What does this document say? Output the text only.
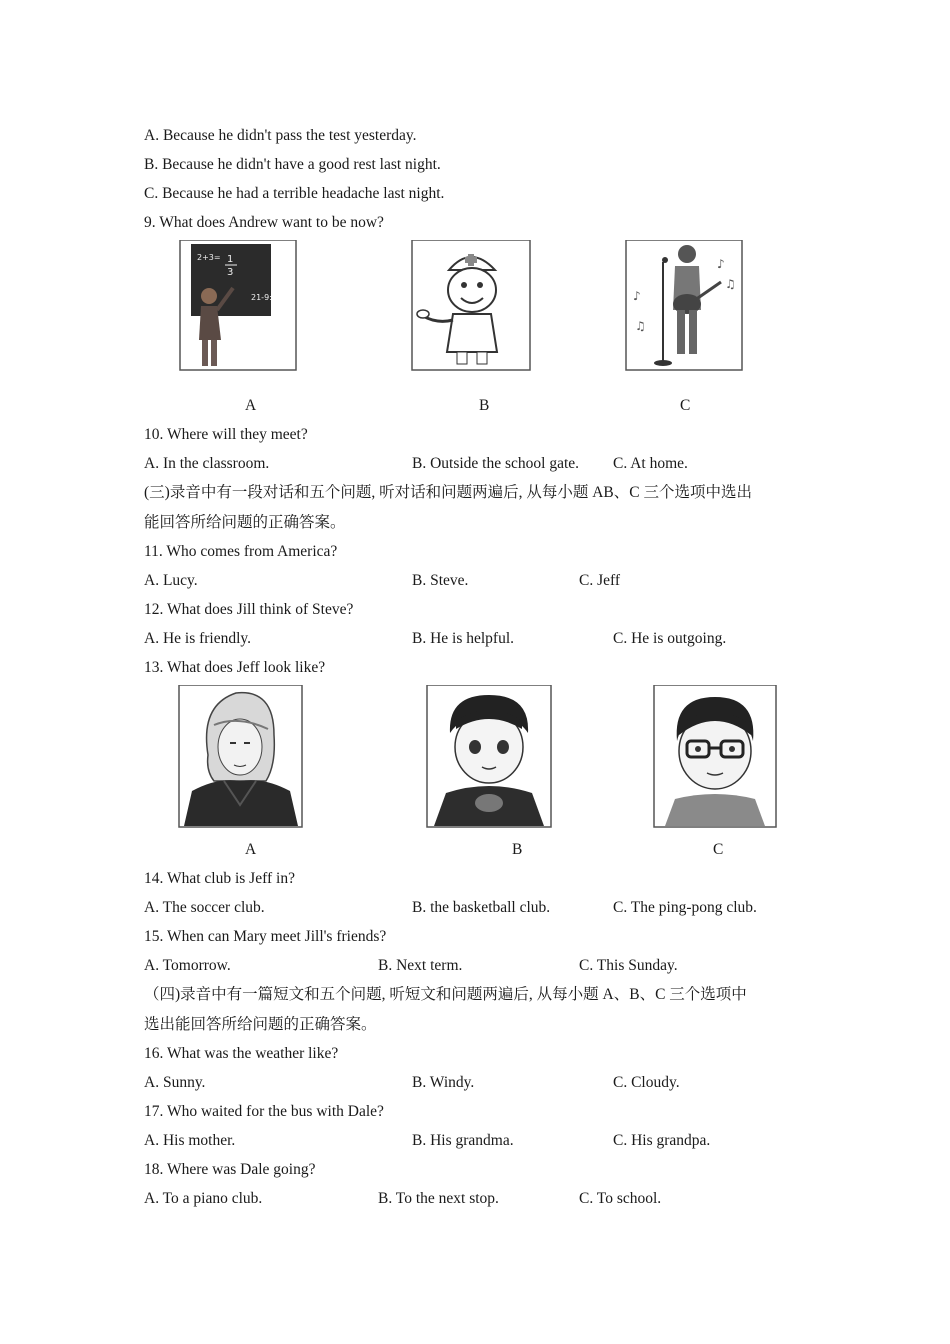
A. Because he didn't pass the test yesterday.
B. Because he didn't have a good rest last night.
C. Because he had a terrible headache last night.
9. What does Andrew want to be now?
2+3= 1
3
21-9:
♪
♫
♪
♫
A	B	C
10. Where will they meet?
A. In the classroom.	B. Outside the school gate. C. At home.
(三)录音中有一段对话和五个问题, 听对话和问题两遍后, 从每小题 AB、C 三个选项中选出
能回答所给问题的正确答案。
11. Who comes from America?
A. Lucy.	B. Steve.	C. Jeff
12. What does Jill think of Steve?
A. He is friendly.	B. He is helpful.	C. He is outgoing.
13. What does Jeff look like?
A	B	C
14. What club is Jeff in?
A. The soccer club.	B. the basketball club.	C. The ping-pong club.
15. When can Mary meet Jill's friends?
A. Tomorrow.	B. Next term.	C. This Sunday.
（四)录音中有一篇短文和五个问题, 听短文和问题两遍后, 从每小题 A、B、C 三个选项中
选出能回答所给问题的正确答案。
16. What was the weather like?
A. Sunny.	B. Windy.	C. Cloudy.
17. Who waited for the bus with Dale?
A. His mother.	B. His grandma.	C. His grandpa.
18. Where was Dale going?
A. To a piano club.	B. To the next stop.	C. To school.
